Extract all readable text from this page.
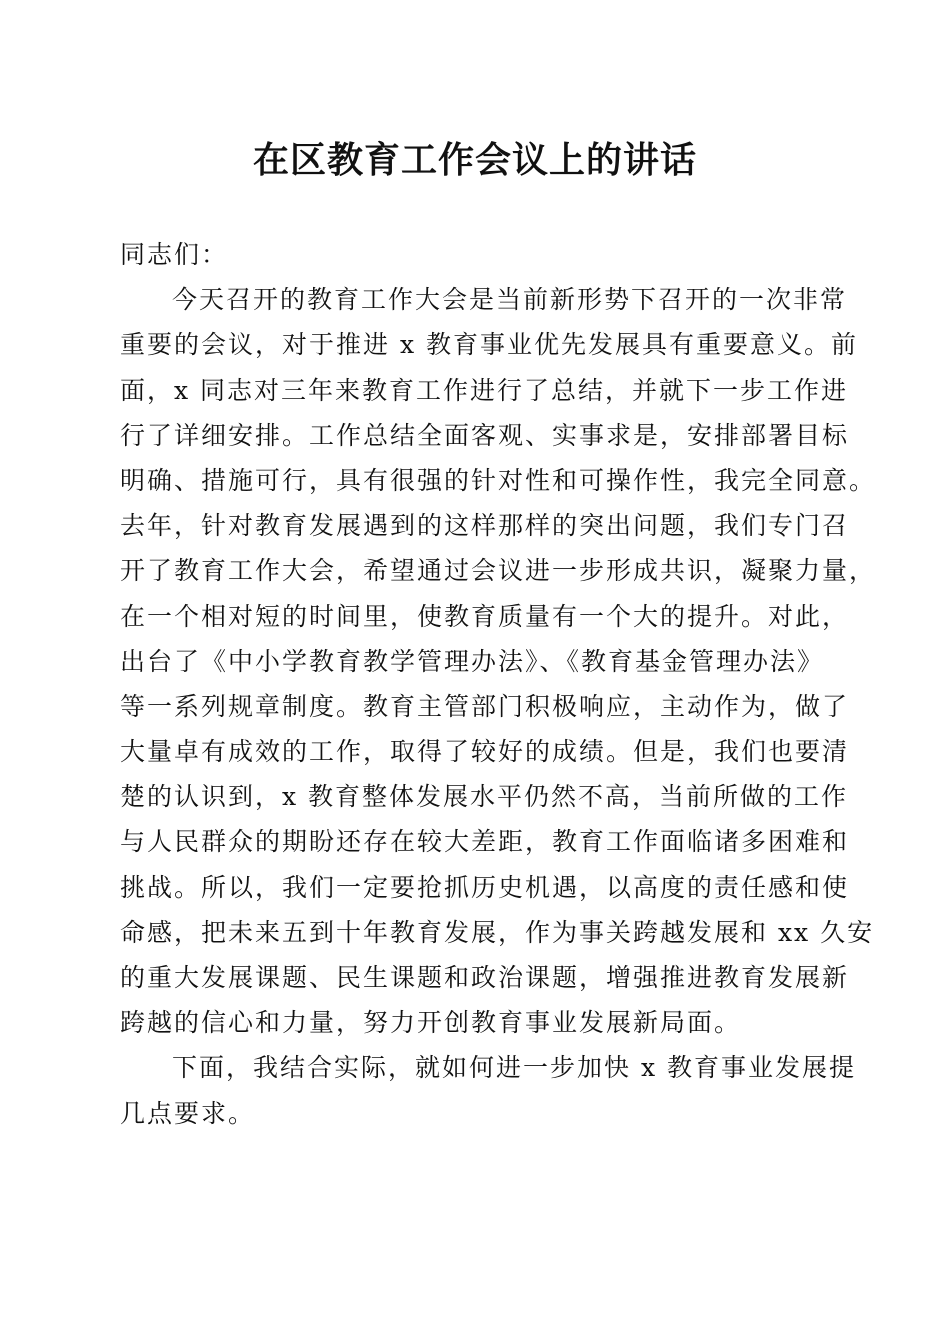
在区教育工作会议上的讲话
同志们：
今天召开的教育工作大会是当前新形势下召开的一次非常
重要的会议，对于推进 x 教育事业优先发展具有重要意义。前
面，x 同志对三年来教育工作进行了总结，并就下一步工作进
行了详细安排。工作总结全面客观、实事求是，安排部署目标
明确、措施可行，具有很强的针对性和可操作性，我完全同意。
去年，针对教育发展遇到的这样那样的突出问题，我们专门召
开了教育工作大会，希望通过会议进一步形成共识，凝聚力量，
在一个相对短的时间里，使教育质量有一个大的提升。对此，
出台了《中小学教育教学管理办法》、《教育基金管理办法》
等一系列规章制度。教育主管部门积极响应，主动作为，做了
大量卓有成效的工作，取得了较好的成绩。但是，我们也要清
楚的认识到，x 教育整体发展水平仍然不高，当前所做的工作
与人民群众的期盼还存在较大差距，教育工作面临诸多困难和
挑战。所以，我们一定要抢抓历史机遇，以高度的责任感和使
命感，把未来五到十年教育发展，作为事关跨越发展和 xx 久安
的重大发展课题、民生课题和政治课题，增强推进教育发展新
跨越的信心和力量，努力开创教育事业发展新局面。
下面，我结合实际，就如何进一步加快 x 教育事业发展提
几点要求。
